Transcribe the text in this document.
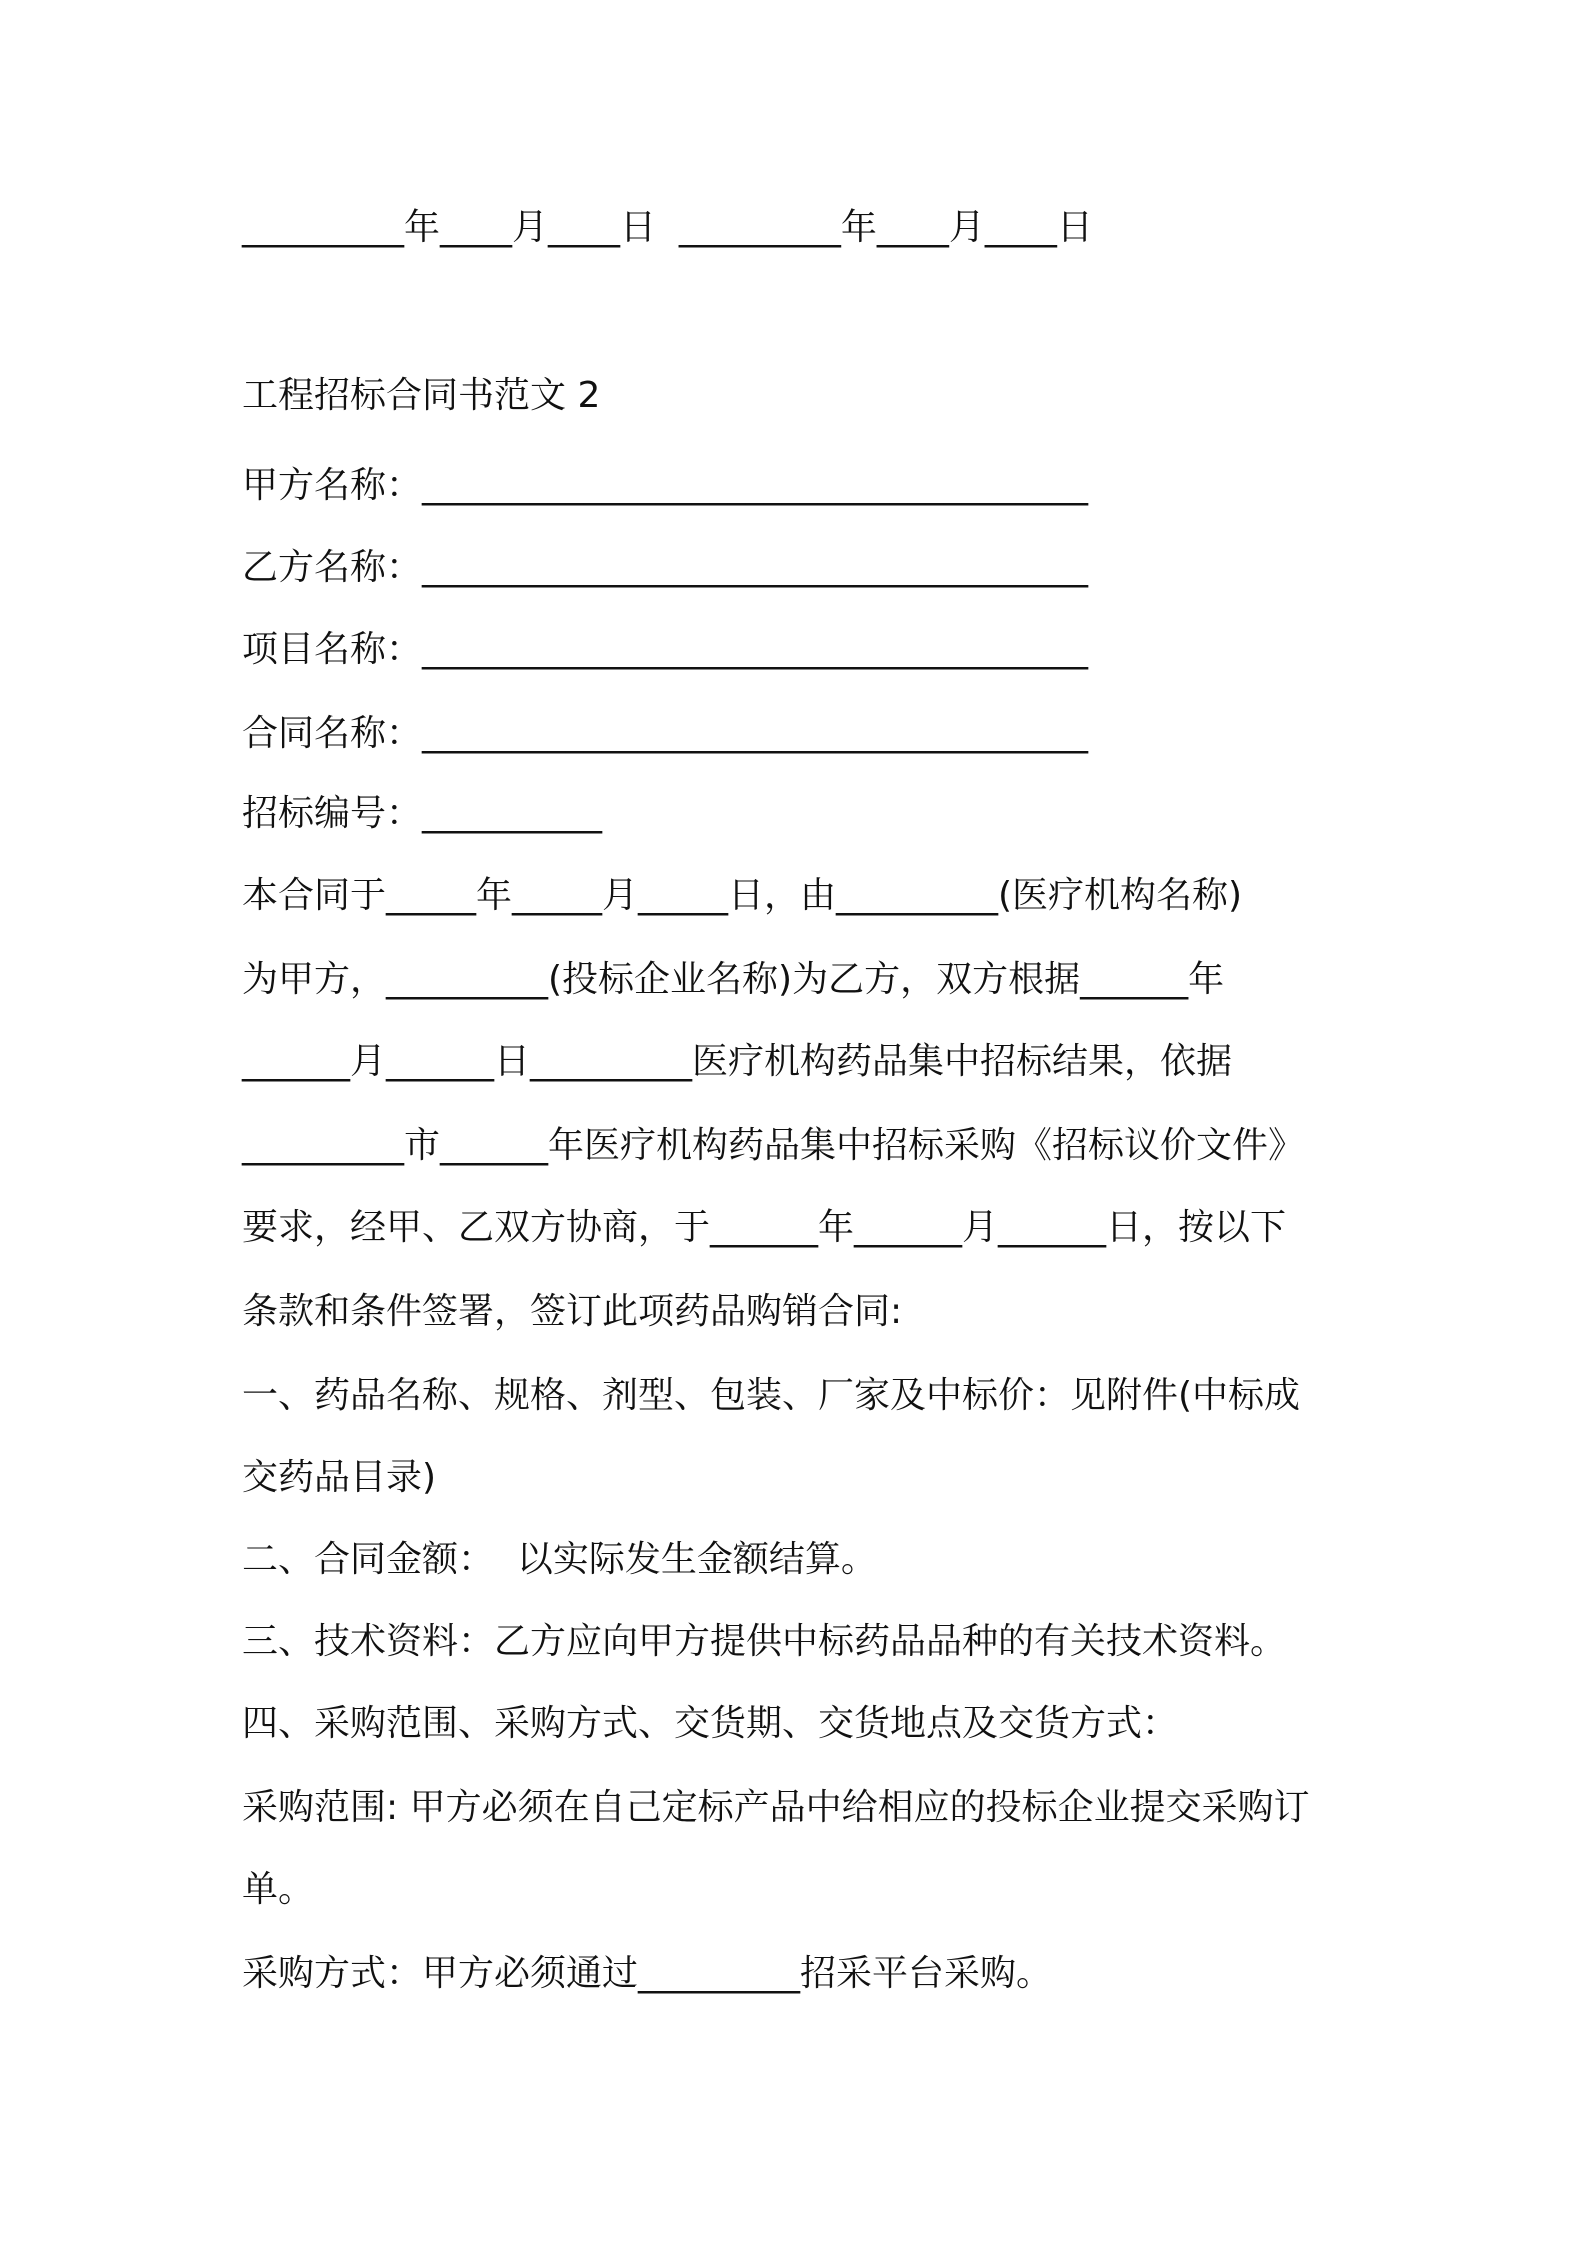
_________年____月____日  _________年____月____日
工程招标合同书范文 2
甲方名称：_____________________________________
乙方名称：_____________________________________
项目名称：_____________________________________
合同名称：_____________________________________
招标编号：__________
本合同于_____年_____月_____日，由_________(医疗机构名称)
为甲方，_________(投标企业名称)为乙方，双方根据______年
______月______日_________医疗机构药品集中招标结果，依据
_________市______年医疗机构药品集中招标采购《招标议价文件》
要求，经甲、乙双方协商，于______年______月______日，按以下
条款和条件签署，签订此项药品购销合同:
一、药品名称、规格、剂型、包装、厂家及中标价：见附件(中标成
交药品目录)
二、合同金额：  以实际发生金额结算。
三、技术资料：乙方应向甲方提供中标药品品种的有关技术资料。
四、采购范围、采购方式、交货期、交货地点及交货方式：
采购范围: 甲方必须在自己定标产品中给相应的投标企业提交采购订
单。
采购方式：甲方必须通过_________招采平台采购。
